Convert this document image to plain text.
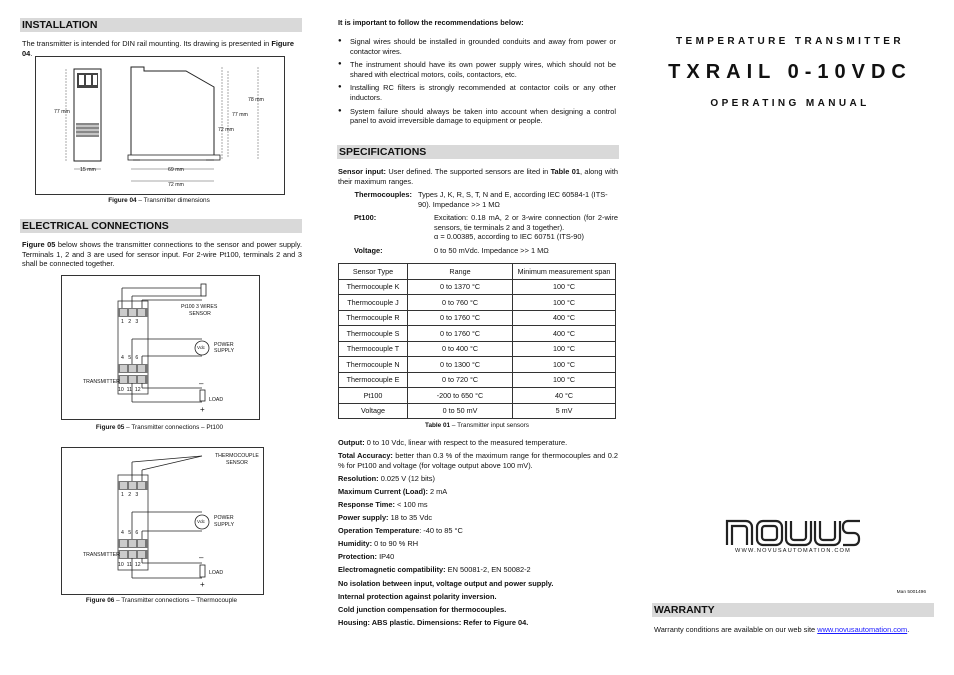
INSTALLATION
The transmitter is intended for DIN rail mounting. Its drawing is presented in Figure 04.
77 mm
78 mm
77 mm
72 mm
15 mm	69 mm
72 mm
Figure 04 – Transmitter dimensions
ELECTRICAL CONNECTIONS
Figure 05 below shows the transmitter connections to the sensor and power supply. Terminals 1, 2 and 3 are used for sensor input. For 2-wire Pt100, terminals 2 and 3 shall be connected together.
Pt100 3 WIRES
SENSOR
1   2   3
4   5   6
10  11  12
Vdc POWER
SUPPLY
TRANSMITTER
LOAD
–
+
Figure 05 – Transmitter connections – Pt100
THERMOCOUPLE
SENSOR
1   2   3
4   5   6
10  11  12
Vdc
POWER
SUPPLY
TRANSMITTER
LOAD
–
+
Figure 06 – Transmitter connections – Thermocouple
It is important to follow the recommendations below:
● Signal wires should be installed in grounded conduits and away from power or contactor wires.
● The instrument should have its own power supply wires, which should not be shared with electrical motors, coils, contactors, etc.
● Installing RC filters is strongly recommended at contactor coils or any other inductors.
● System failure should always be taken into account when designing a control panel to avoid irreversible damage to equipment or people.
SPECIFICATIONS
Sensor input: User defined. The supported sensors are lited in Table 01, along with their maximum ranges.
Thermocouples: Types J, K, R, S, T, N and E, according IEC 60584-1 (ITS-90). Impedance >> 1 MΩ
Pt100:	Excitation: 0.18 mA, 2 or 3-wire connection (for 2-wire sensors, tie terminals 2 and 3 together).
α = 0.00385, according to IEC 60751 (ITS-90)
Voltage:	0 to 50 mVdc. Impedance >> 1 MΩ
Sensor Type	Range	Minimum measurement span
Thermocouple K	0 to 1370 °C	100 °C
Thermocouple J	0 to 760 °C	100 °C
Thermocouple R	0 to 1760 °C	400 °C
Thermocouple S	0 to 1760 °C	400 °C
Thermocouple T	0 to 400 °C	100 °C
Thermocouple N	0 to 1300 °C	100 °C
Thermocouple E	0 to 720 °C	100 °C
Pt100	-200 to 650 °C	40 °C
Voltage	0 to 50 mV	5 mV
Table 01 – Transmitter input sensors
Output: 0 to 10 Vdc, linear with respect to the measured temperature.
Total Accuracy: better than 0.3 % of the maximum range for thermocouples and 0.2 % for Pt100 and voltage (for voltage output above 100 mV).
Resolution: 0.025 V (12 bits)
Maximum Current (Load): 2 mA
Response Time: < 100 ms
Power supply: 18 to 35 Vdc
Operation Temperature: -40 to 85 °C
Humidity: 0 to 90 % RH
Protection: IP40
Electromagnetic compatibility: EN 50081-2, EN 50082-2
No isolation between input, voltage output and power supply.
Internal protection against polarity inversion.
Cold junction compensation for thermocouples.
Housing: ABS plastic. Dimensions: Refer to Figure 04.
TEMPERATURE TRANSMITTER
TXRAIL 0-10VDC
OPERATING MANUAL
WWW.NOVUSAUTOMATION.COM
Man 5001496
WARRANTY
Warranty conditions are available on our web site www.novusautomation.com.
